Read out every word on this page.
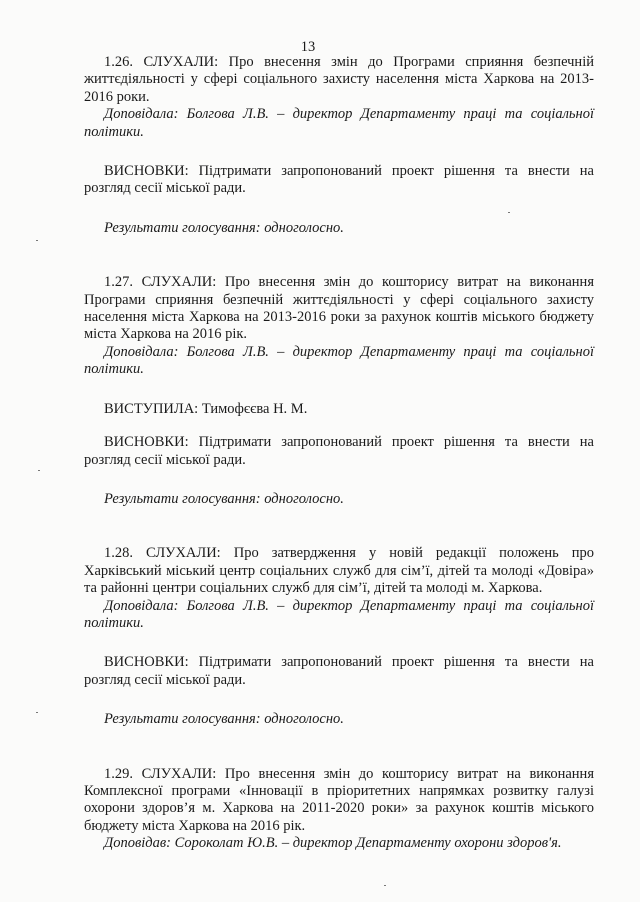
13

1.26. СЛУХАЛИ: Про внесення змін до Програми сприяння безпечній життєдіяльності у сфері соціального захисту населення міста Харкова на 2013-2016 роки.

Доповідала: Болгова Л.В. – директор Департаменту праці та соціальної політики.

ВИСНОВКИ: Підтримати запропонований проект рішення та внести на розгляд сесії міської ради.

Результати голосування: одноголосно.

1.27. СЛУХАЛИ: Про внесення змін до кошторису витрат на виконання Програми сприяння безпечній життєдіяльності у сфері соціального захисту населення міста Харкова на 2013-2016 роки за рахунок коштів міського бюджету міста Харкова на 2016 рік.

Доповідала: Болгова Л.В. – директор Департаменту праці та соціальної політики.

ВИСТУПИЛА: Тимофєєва Н. М.

ВИСНОВКИ: Підтримати запропонований проект рішення та внести на розгляд сесії міської ради.

Результати голосування: одноголосно.

1.28. СЛУХАЛИ: Про затвердження у новій редакції положень про Харківський міський центр соціальних служб для сім’ї, дітей та молоді «Довіра» та районні центри соціальних служб для сім’ї, дітей та молоді м. Харкова.

Доповідала: Болгова Л.В. – директор Департаменту праці та соціальної політики.

ВИСНОВКИ: Підтримати запропонований проект рішення та внести на розгляд сесії міської ради.

Результати голосування: одноголосно.

1.29. СЛУХАЛИ: Про внесення змін до кошторису витрат на виконання Комплексної програми «Інновації в пріоритетних напрямках розвитку галузі охорони здоров’я м. Харкова на 2011-2020 роки» за рахунок коштів міського бюджету міста Харкова на 2016 рік.

Доповідав: Сороколат Ю.В. – директор Департаменту охорони здоров'я.
